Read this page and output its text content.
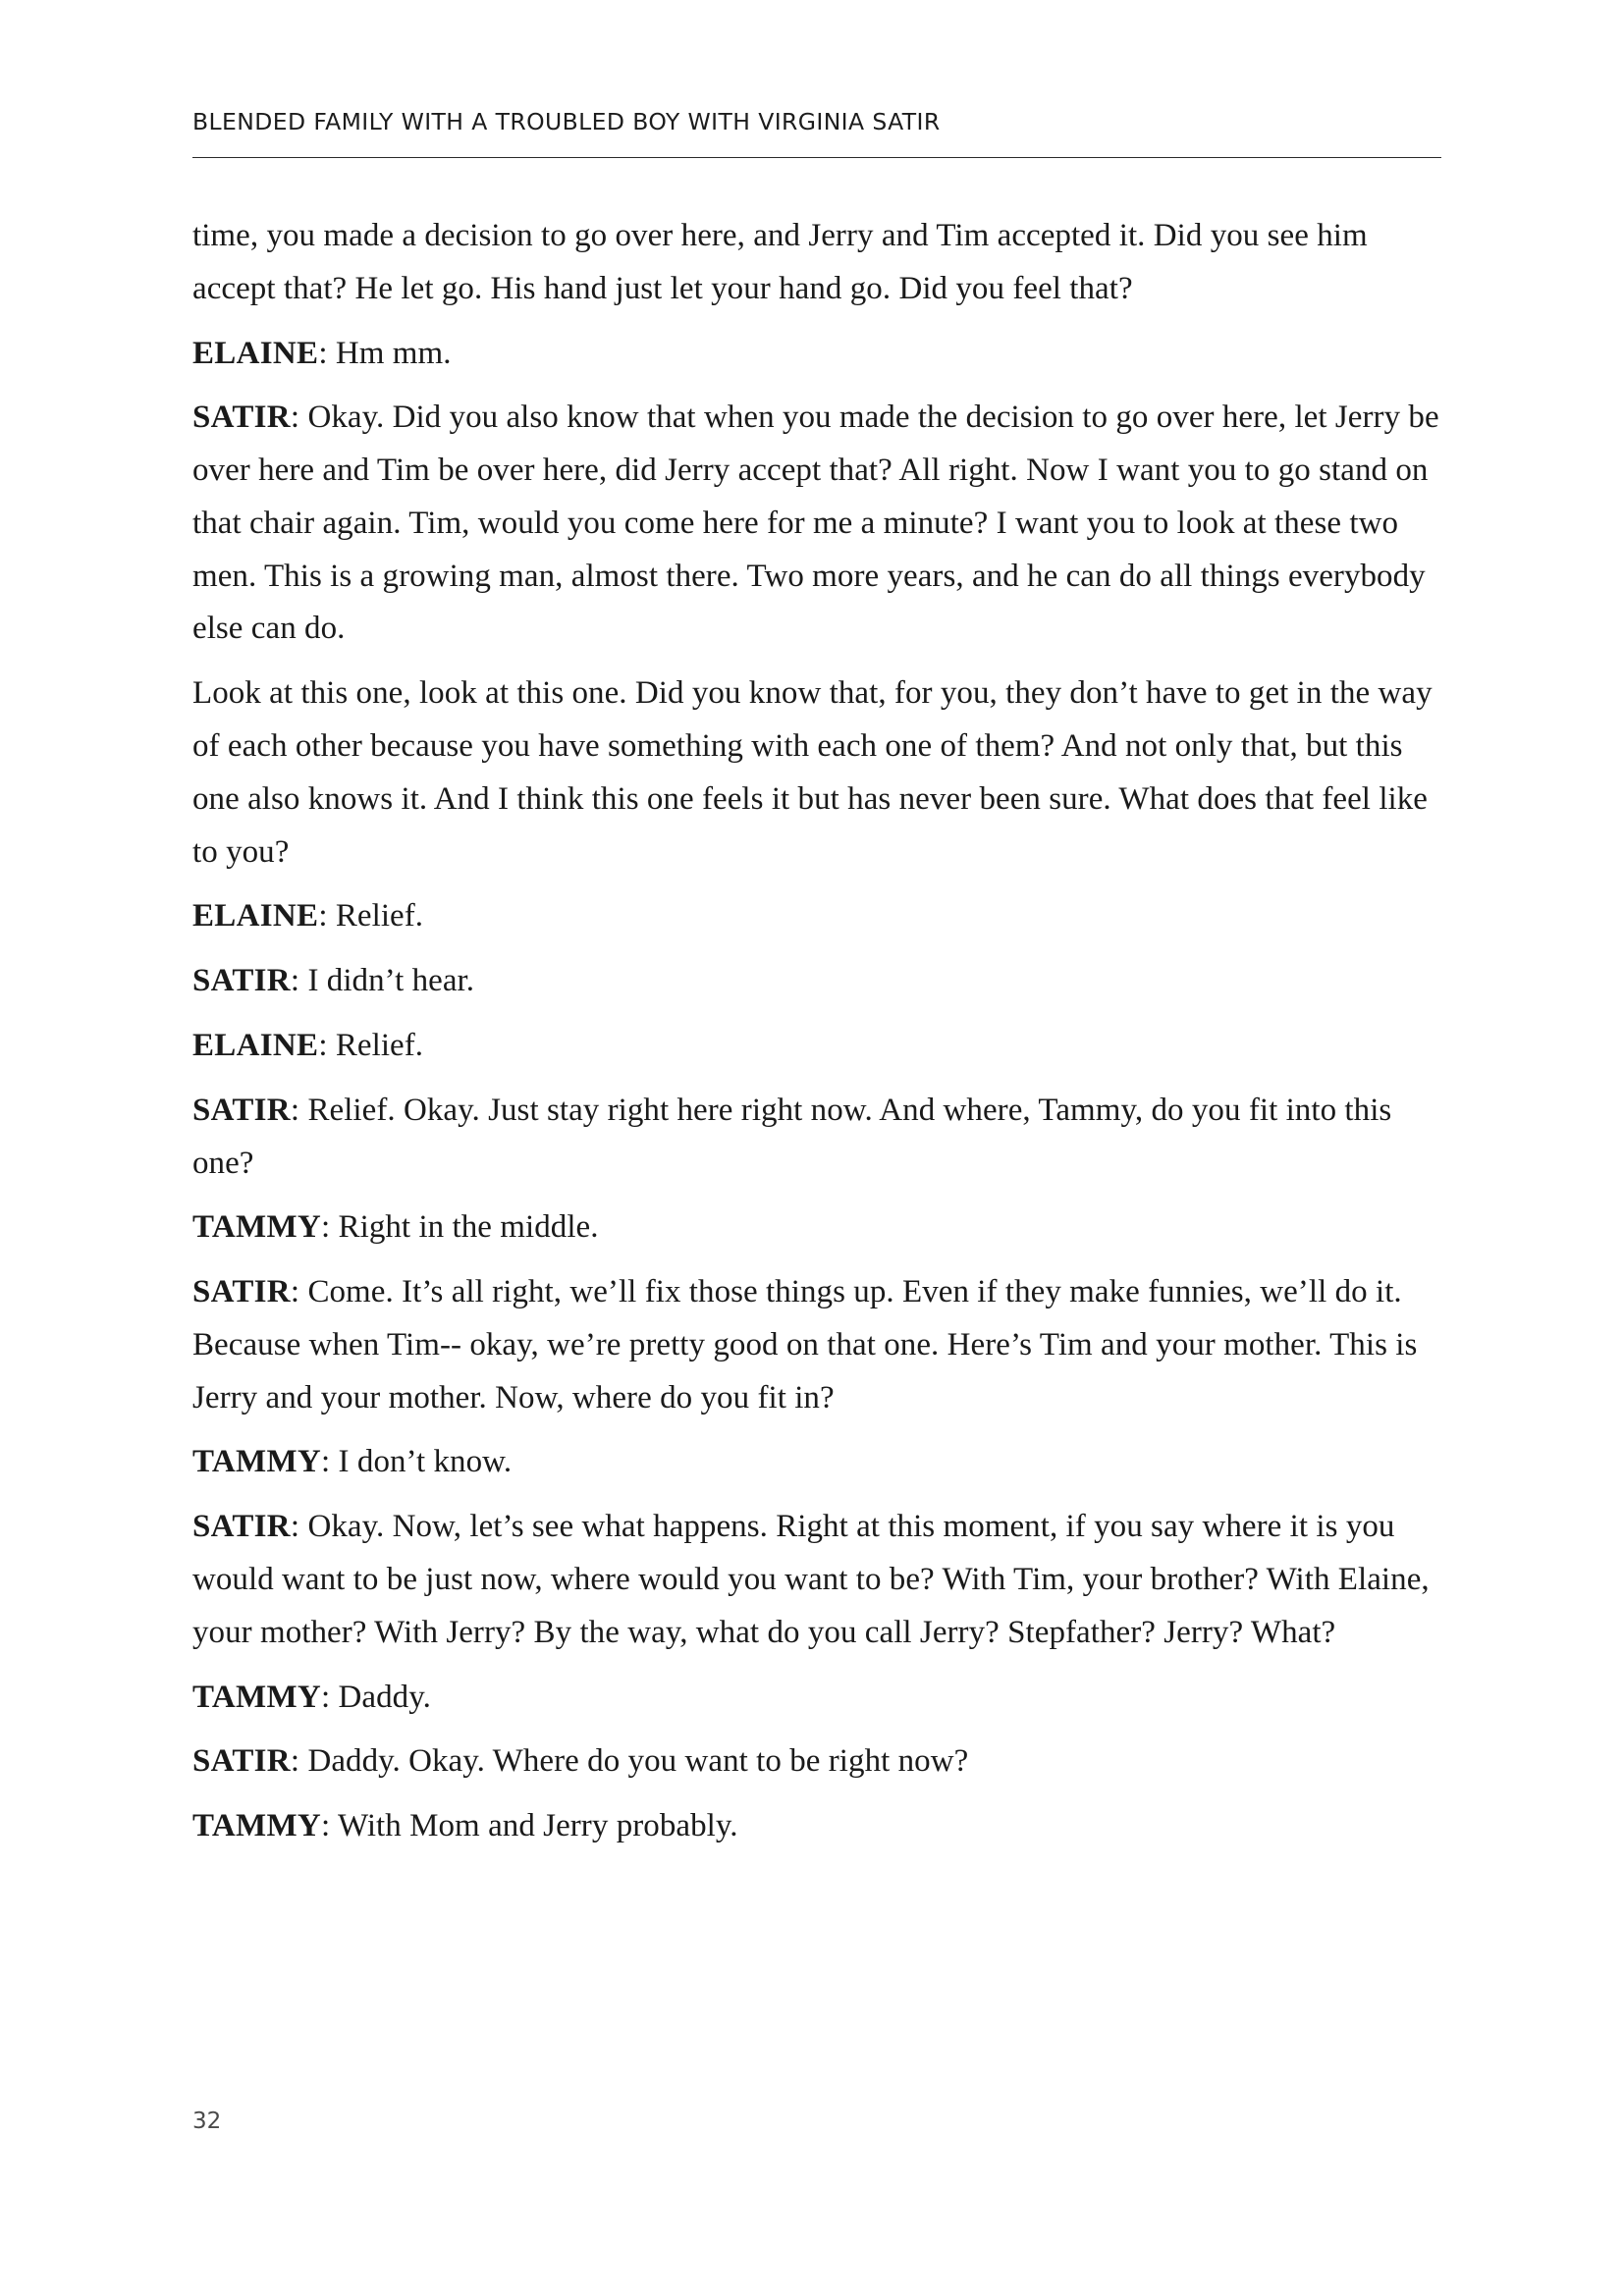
BLENDED FAMILY WITH A TROUBLED BOY WITH VIRGINIA SATIR

time, you made a decision to go over here, and Jerry and Tim accepted it. Did you see him accept that? He let go. His hand just let your hand go. Did you feel that?

ELAINE: Hm mm.

SATIR: Okay. Did you also know that when you made the decision to go over here, let Jerry be over here and Tim be over here, did Jerry accept that? All right. Now I want you to go stand on that chair again. Tim, would you come here for me a minute? I want you to look at these two men. This is a growing man, almost there. Two more years, and he can do all things everybody else can do.

Look at this one, look at this one. Did you know that, for you, they don’t have to get in the way of each other because you have something with each one of them? And not only that, but this one also knows it. And I think this one feels it but has never been sure. What does that feel like to you?

ELAINE: Relief.

SATIR: I didn’t hear.

ELAINE: Relief.

SATIR: Relief. Okay. Just stay right here right now. And where, Tammy, do you fit into this one?

TAMMY: Right in the middle.

SATIR: Come. It’s all right, we’ll fix those things up. Even if they make funnies, we’ll do it. Because when Tim-- okay, we’re pretty good on that one. Here’s Tim and your mother. This is Jerry and your mother. Now, where do you fit in?

TAMMY: I don’t know.

SATIR: Okay. Now, let’s see what happens. Right at this moment, if you say where it is you would want to be just now, where would you want to be? With Tim, your brother? With Elaine, your mother? With Jerry? By the way, what do you call Jerry? Stepfather? Jerry? What?

TAMMY: Daddy.

SATIR: Daddy. Okay. Where do you want to be right now?

TAMMY: With Mom and Jerry probably.

32
